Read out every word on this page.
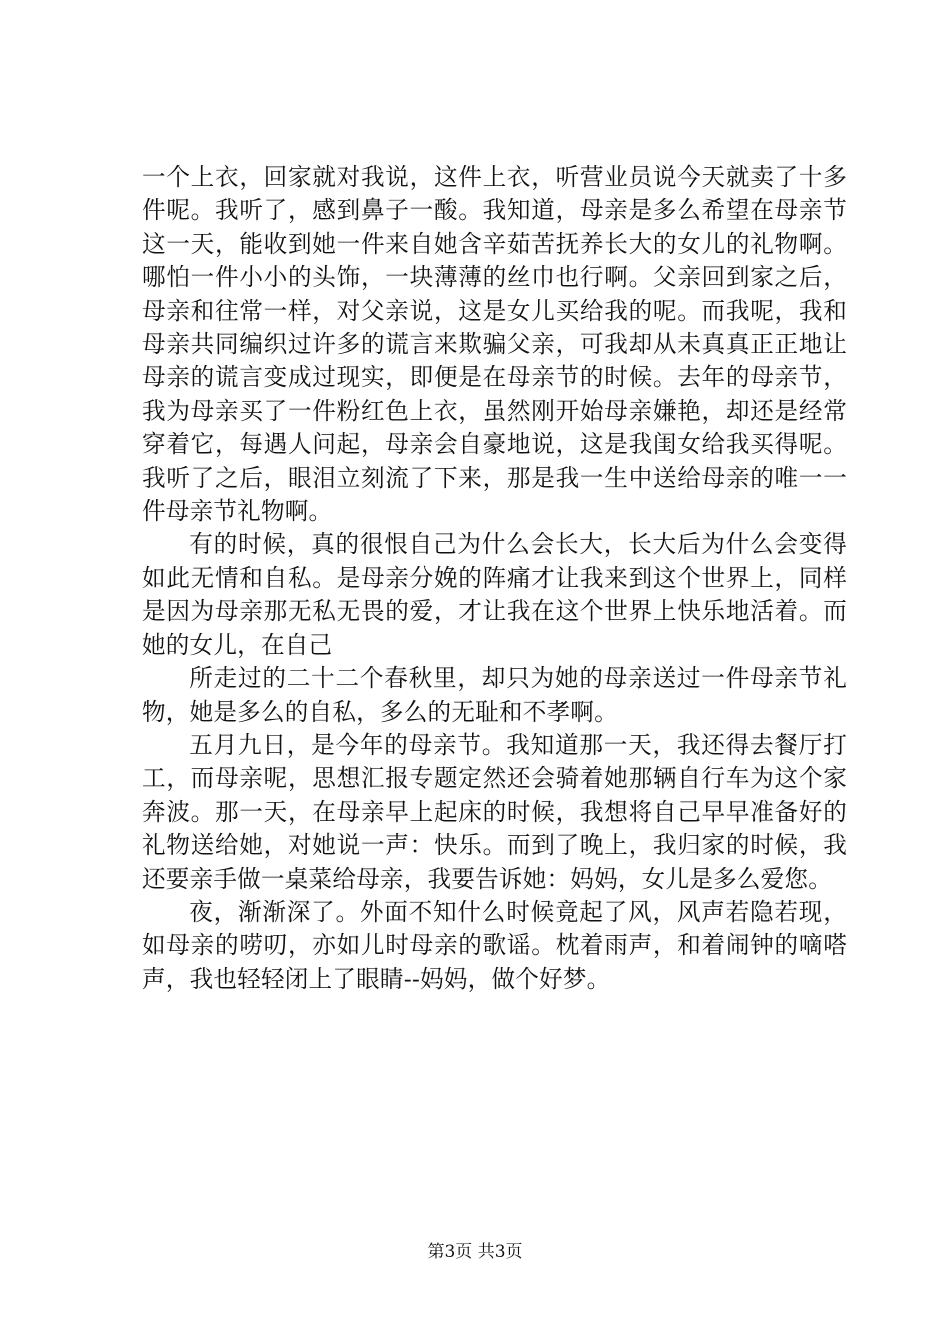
一个上衣，回家就对我说，这件上衣，听营业员说今天就卖了十多件呢。我听了，感到鼻子一酸。我知道，母亲是多么希望在母亲节这一天，能收到她一件来自她含辛茹苦抚养长大的女儿的礼物啊。哪怕一件小小的头饰，一块薄薄的丝巾也行啊。父亲回到家之后，母亲和往常一样，对父亲说，这是女儿买给我的呢。而我呢，我和母亲共同编织过许多的谎言来欺骗父亲，可我却从未真真正正地让母亲的谎言变成过现实，即便是在母亲节的时候。去年的母亲节，我为母亲买了一件粉红色上衣，虽然刚开始母亲嫌艳，却还是经常穿着它，每遇人问起，母亲会自豪地说，这是我闺女给我买得呢。我听了之后，眼泪立刻流了下来，那是我一生中送给母亲的唯一一件母亲节礼物啊。

有的时候，真的很恨自己为什么会长大，长大后为什么会变得如此无情和自私。是母亲分娩的阵痛才让我来到这个世界上，同样是因为母亲那无私无畏的爱，才让我在这个世界上快乐地活着。而她的女儿，在自己

所走过的二十二个春秋里，却只为她的母亲送过一件母亲节礼物，她是多么的自私，多么的无耻和不孝啊。

五月九日，是今年的母亲节。我知道那一天，我还得去餐厅打工，而母亲呢，思想汇报专题定然还会骑着她那辆自行车为这个家奔波。那一天，在母亲早上起床的时候，我想将自己早早准备好的礼物送给她，对她说一声：快乐。而到了晚上，我归家的时候，我还要亲手做一桌菜给母亲，我要告诉她：妈妈，女儿是多么爱您。

夜，渐渐深了。外面不知什么时候竟起了风，风声若隐若现，如母亲的唠叨，亦如儿时母亲的歌谣。枕着雨声，和着闹钟的嘀嗒声，我也轻轻闭上了眼睛--妈妈，做个好梦。

第3页 共3页
